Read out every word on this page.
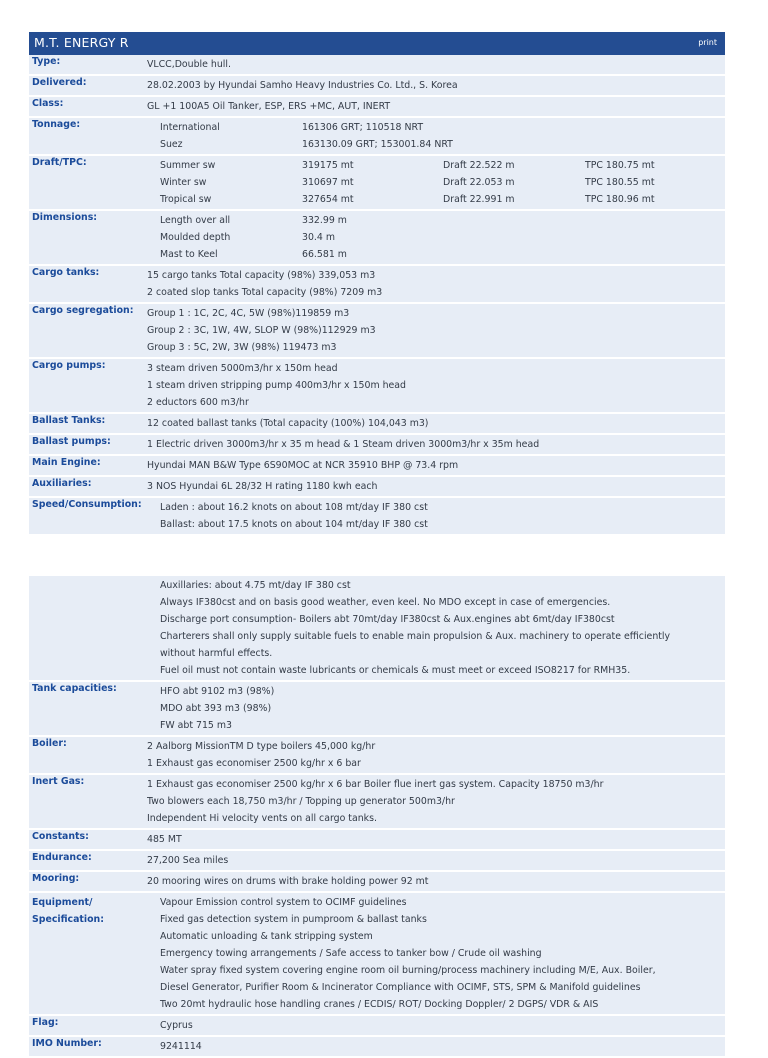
M.T. ENERGY R	print
Type:	VLCC,Double hull.
Delivered:	28.02.2003 by Hyundai Samho Heavy Industries Co. Ltd., S. Korea
Class:	GL +1 100A5 Oil Tanker, ESP, ERS +MC, AUT, INERT
Tonnage:	International	161306 GRT; 110518 NRT
Suez	163130.09 GRT; 153001.84 NRT
Draft/TPC:	Summer sw	319175 mt	Draft 22.522 m	TPC 180.75 mt
Winter sw	310697 mt	Draft 22.053 m	TPC 180.55 mt
Tropical sw	327654 mt	Draft 22.991 m	TPC 180.96 mt
Dimensions:	Length over all	332.99 m
Moulded depth	30.4 m
Mast to Keel	66.581 m
Cargo tanks:	15 cargo tanks Total capacity (98%) 339,053 m3
2 coated slop tanks Total capacity (98%) 7209 m3
Cargo segregation:	Group 1 : 1C, 2C, 4C, 5W (98%)119859 m3
Group 2 : 3C, 1W, 4W, SLOP W (98%)112929 m3
Group 3 : 5C, 2W, 3W (98%) 119473 m3
Cargo pumps:	3 steam driven 5000m3/hr x 150m head
1 steam driven stripping pump 400m3/hr x 150m head
2 eductors 600 m3/hr
Ballast Tanks:	12 coated ballast tanks (Total capacity (100%) 104,043 m3)
Ballast pumps:	1 Electric driven 3000m3/hr x 35 m head & 1 Steam driven 3000m3/hr x 35m head
Main Engine:	Hyundai MAN B&W Type 6S90MOC at NCR 35910 BHP @ 73.4 rpm
Auxiliaries:	3 NOS Hyundai 6L 28/32 H rating 1180 kwh each
Speed/Consumption:	Laden : about 16.2 knots on about 108 mt/day IF 380 cst
Ballast: about 17.5 knots on about 104 mt/day IF 380 cst
Auxillaries: about 4.75 mt/day IF 380 cst
Always IF380cst and on basis good weather, even keel. No MDO except in case of emergencies.
Discharge port consumption- Boilers abt 70mt/day IF380cst & Aux.engines abt 6mt/day IF380cst
Charterers shall only supply suitable fuels to enable main propulsion & Aux. machinery to operate efficiently
without harmful effects.
Fuel oil must not contain waste lubricants or chemicals & must meet or exceed ISO8217 for RMH35.
Tank capacities:	HFO abt 9102 m3 (98%)
MDO abt 393 m3 (98%)
FW abt 715 m3
Boiler:	2 Aalborg MissionTM D type boilers 45,000 kg/hr
1 Exhaust gas economiser 2500 kg/hr x 6 bar
Inert Gas:	1 Exhaust gas economiser 2500 kg/hr x 6 bar Boiler flue inert gas system. Capacity 18750 m3/hr
Two blowers each 18,750 m3/hr / Topping up generator 500m3/hr
Independent Hi velocity vents on all cargo tanks.
Constants:	485 MT
Endurance:	27,200 Sea miles
Mooring:	20 mooring wires on drums with brake holding power 92 mt
Equipment/
Specification:
Vapour Emission control system to OCIMF guidelines
Fixed gas detection system in pumproom & ballast tanks
Automatic unloading & tank stripping system
Emergency towing arrangements / Safe access to tanker bow / Crude oil washing
Water spray fixed system covering engine room oil burning/process machinery including M/E, Aux. Boiler,
Diesel Generator, Purifier Room & Incinerator Compliance with OCIMF, STS, SPM & Manifold guidelines
Two 20mt hydraulic hose handling cranes / ECDIS/ ROT/ Docking Doppler/ 2 DGPS/ VDR & AIS
Flag:	Cyprus
IMO Number:	9241114
